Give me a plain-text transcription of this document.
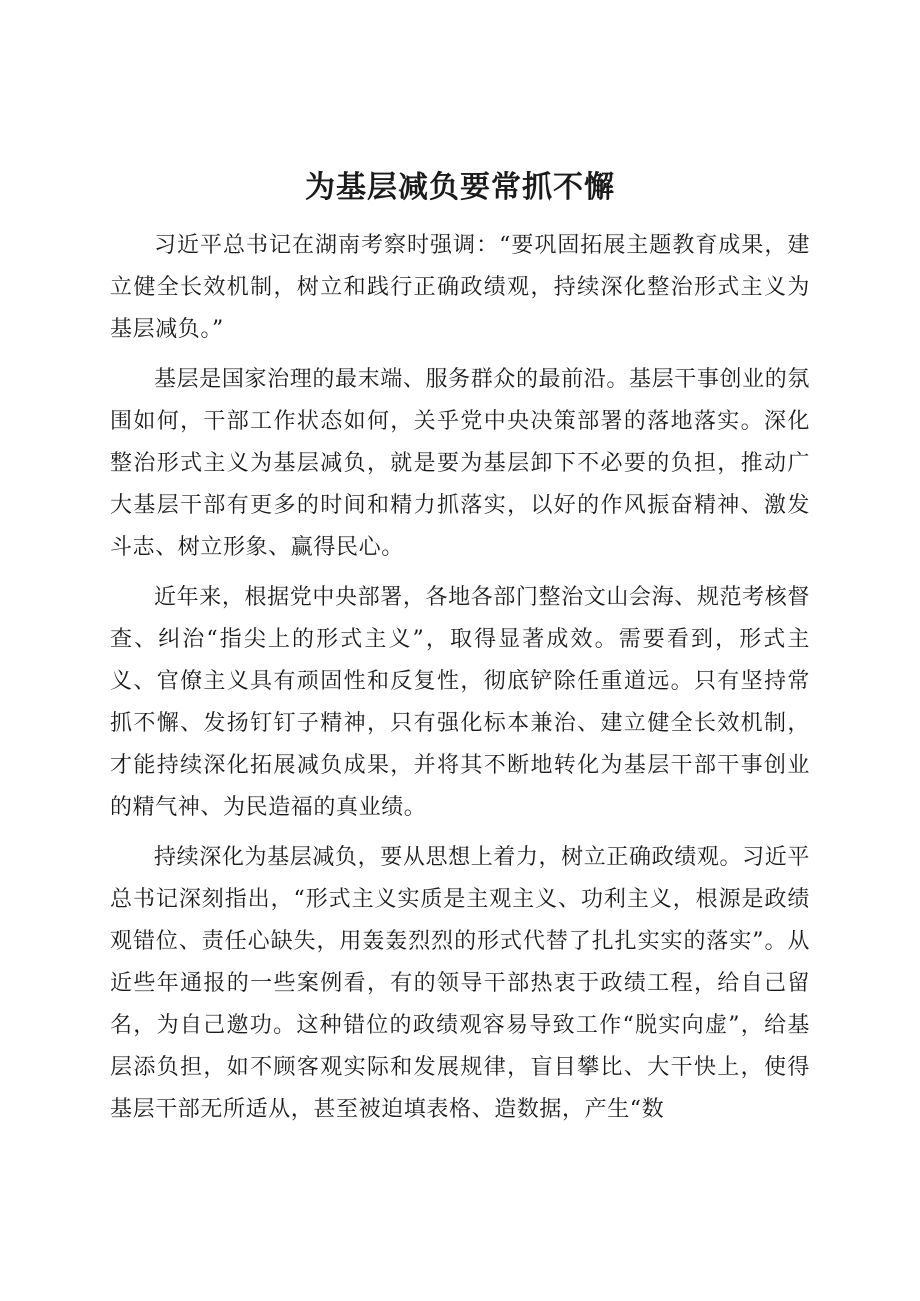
为基层减负要常抓不懈

习近平总书记在湖南考察时强调：“要巩固拓展主题教育成果，建立健全长效机制，树立和践行正确政绩观，持续深化整治形式主义为基层减负。”

基层是国家治理的最末端、服务群众的最前沿。基层干事创业的氛围如何，干部工作状态如何，关乎党中央决策部署的落地落实。深化整治形式主义为基层减负，就是要为基层卸下不必要的负担，推动广大基层干部有更多的时间和精力抓落实，以好的作风振奋精神、激发斗志、树立形象、赢得民心。

近年来，根据党中央部署，各地各部门整治文山会海、规范考核督查、纠治“指尖上的形式主义”，取得显著成效。需要看到，形式主义、官僚主义具有顽固性和反复性，彻底铲除任重道远。只有坚持常抓不懈、发扬钉钉子精神，只有强化标本兼治、建立健全长效机制，才能持续深化拓展减负成果，并将其不断地转化为基层干部干事创业的精气神、为民造福的真业绩。

持续深化为基层减负，要从思想上着力，树立正确政绩观。习近平总书记深刻指出，“形式主义实质是主观主义、功利主义，根源是政绩观错位、责任心缺失，用轰轰烈烈的形式代替了扎扎实实的落实”。从近些年通报的一些案例看，有的领导干部热衷于政绩工程，给自己留名，为自己邀功。这种错位的政绩观容易导致工作“脱实向虚”，给基层添负担，如不顾客观实际和发展规律，盲目攀比、大干快上，使得基层干部无所适从，甚至被迫填表格、造数据，产生“数
